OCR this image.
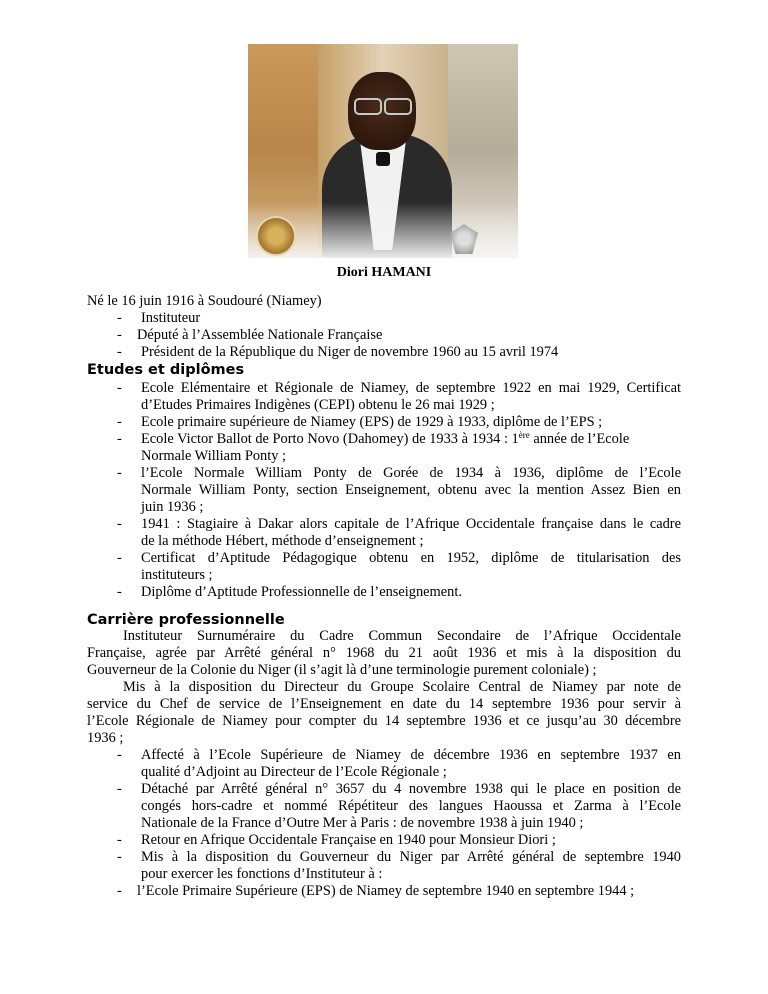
Diori HAMANI
Né le 16 juin 1916 à Soudouré (Niamey)
- Instituteur
- Député à l’Assemblée Nationale Française
- Président de la République du Niger de novembre 1960 au 15 avril 1974
Etudes et diplômes
- Ecole Elémentaire et Régionale de Niamey, de septembre 1922 en mai 1929, Certificat
d’Etudes Primaires Indigènes (CEPI) obtenu le 26 mai 1929 ;
- Ecole primaire supérieure de Niamey (EPS) de 1929 à 1933, diplôme de l’EPS ;
- Ecole Victor Ballot de Porto Novo (Dahomey) de 1933 à 1934 : 1ère année de l’Ecole
Normale William Ponty ;
- l’Ecole Normale William Ponty de Gorée de 1934 à 1936, diplôme de l’Ecole
Normale William Ponty, section Enseignement, obtenu avec la mention Assez Bien en
juin 1936 ;
- 1941 : Stagiaire à Dakar alors capitale de l’Afrique Occidentale française dans le cadre
de la méthode Hébert, méthode d’enseignement ;
- Certificat d’Aptitude Pédagogique obtenu en 1952, diplôme de titularisation des
instituteurs ;
- Diplôme d’Aptitude Professionnelle de l’enseignement.
Carrière professionnelle
Instituteur Surnuméraire du Cadre Commun Secondaire de l’Afrique Occidentale
Française, agrée par Arrêté général n° 1968 du 21 août 1936 et mis à la disposition du
Gouverneur de la Colonie du Niger (il s’agit là d’une terminologie purement coloniale) ;
Mis à la disposition du Directeur du Groupe Scolaire Central de Niamey par note de
service du Chef de service de l’Enseignement en date du 14 septembre 1936 pour servir à
l’Ecole Régionale de Niamey pour compter du 14 septembre 1936 et ce jusqu’au 30 décembre
1936 ;
- Affecté à l’Ecole Supérieure de Niamey de décembre 1936 en septembre 1937 en
qualité d’Adjoint au Directeur de l’Ecole Régionale ;
- Détaché par Arrêté général n° 3657 du 4 novembre 1938 qui le place en position de
congés hors-cadre et nommé Répétiteur des langues Haoussa et Zarma à l’Ecole
Nationale de la France d’Outre Mer à Paris : de novembre 1938 à juin 1940 ;
- Retour en Afrique Occidentale Française en 1940 pour Monsieur Diori ;
- Mis à la disposition du Gouverneur du Niger par Arrêté général de septembre 1940
pour exercer les fonctions d’Instituteur à :
- l’Ecole Primaire Supérieure (EPS) de Niamey de septembre 1940 en septembre 1944 ;
